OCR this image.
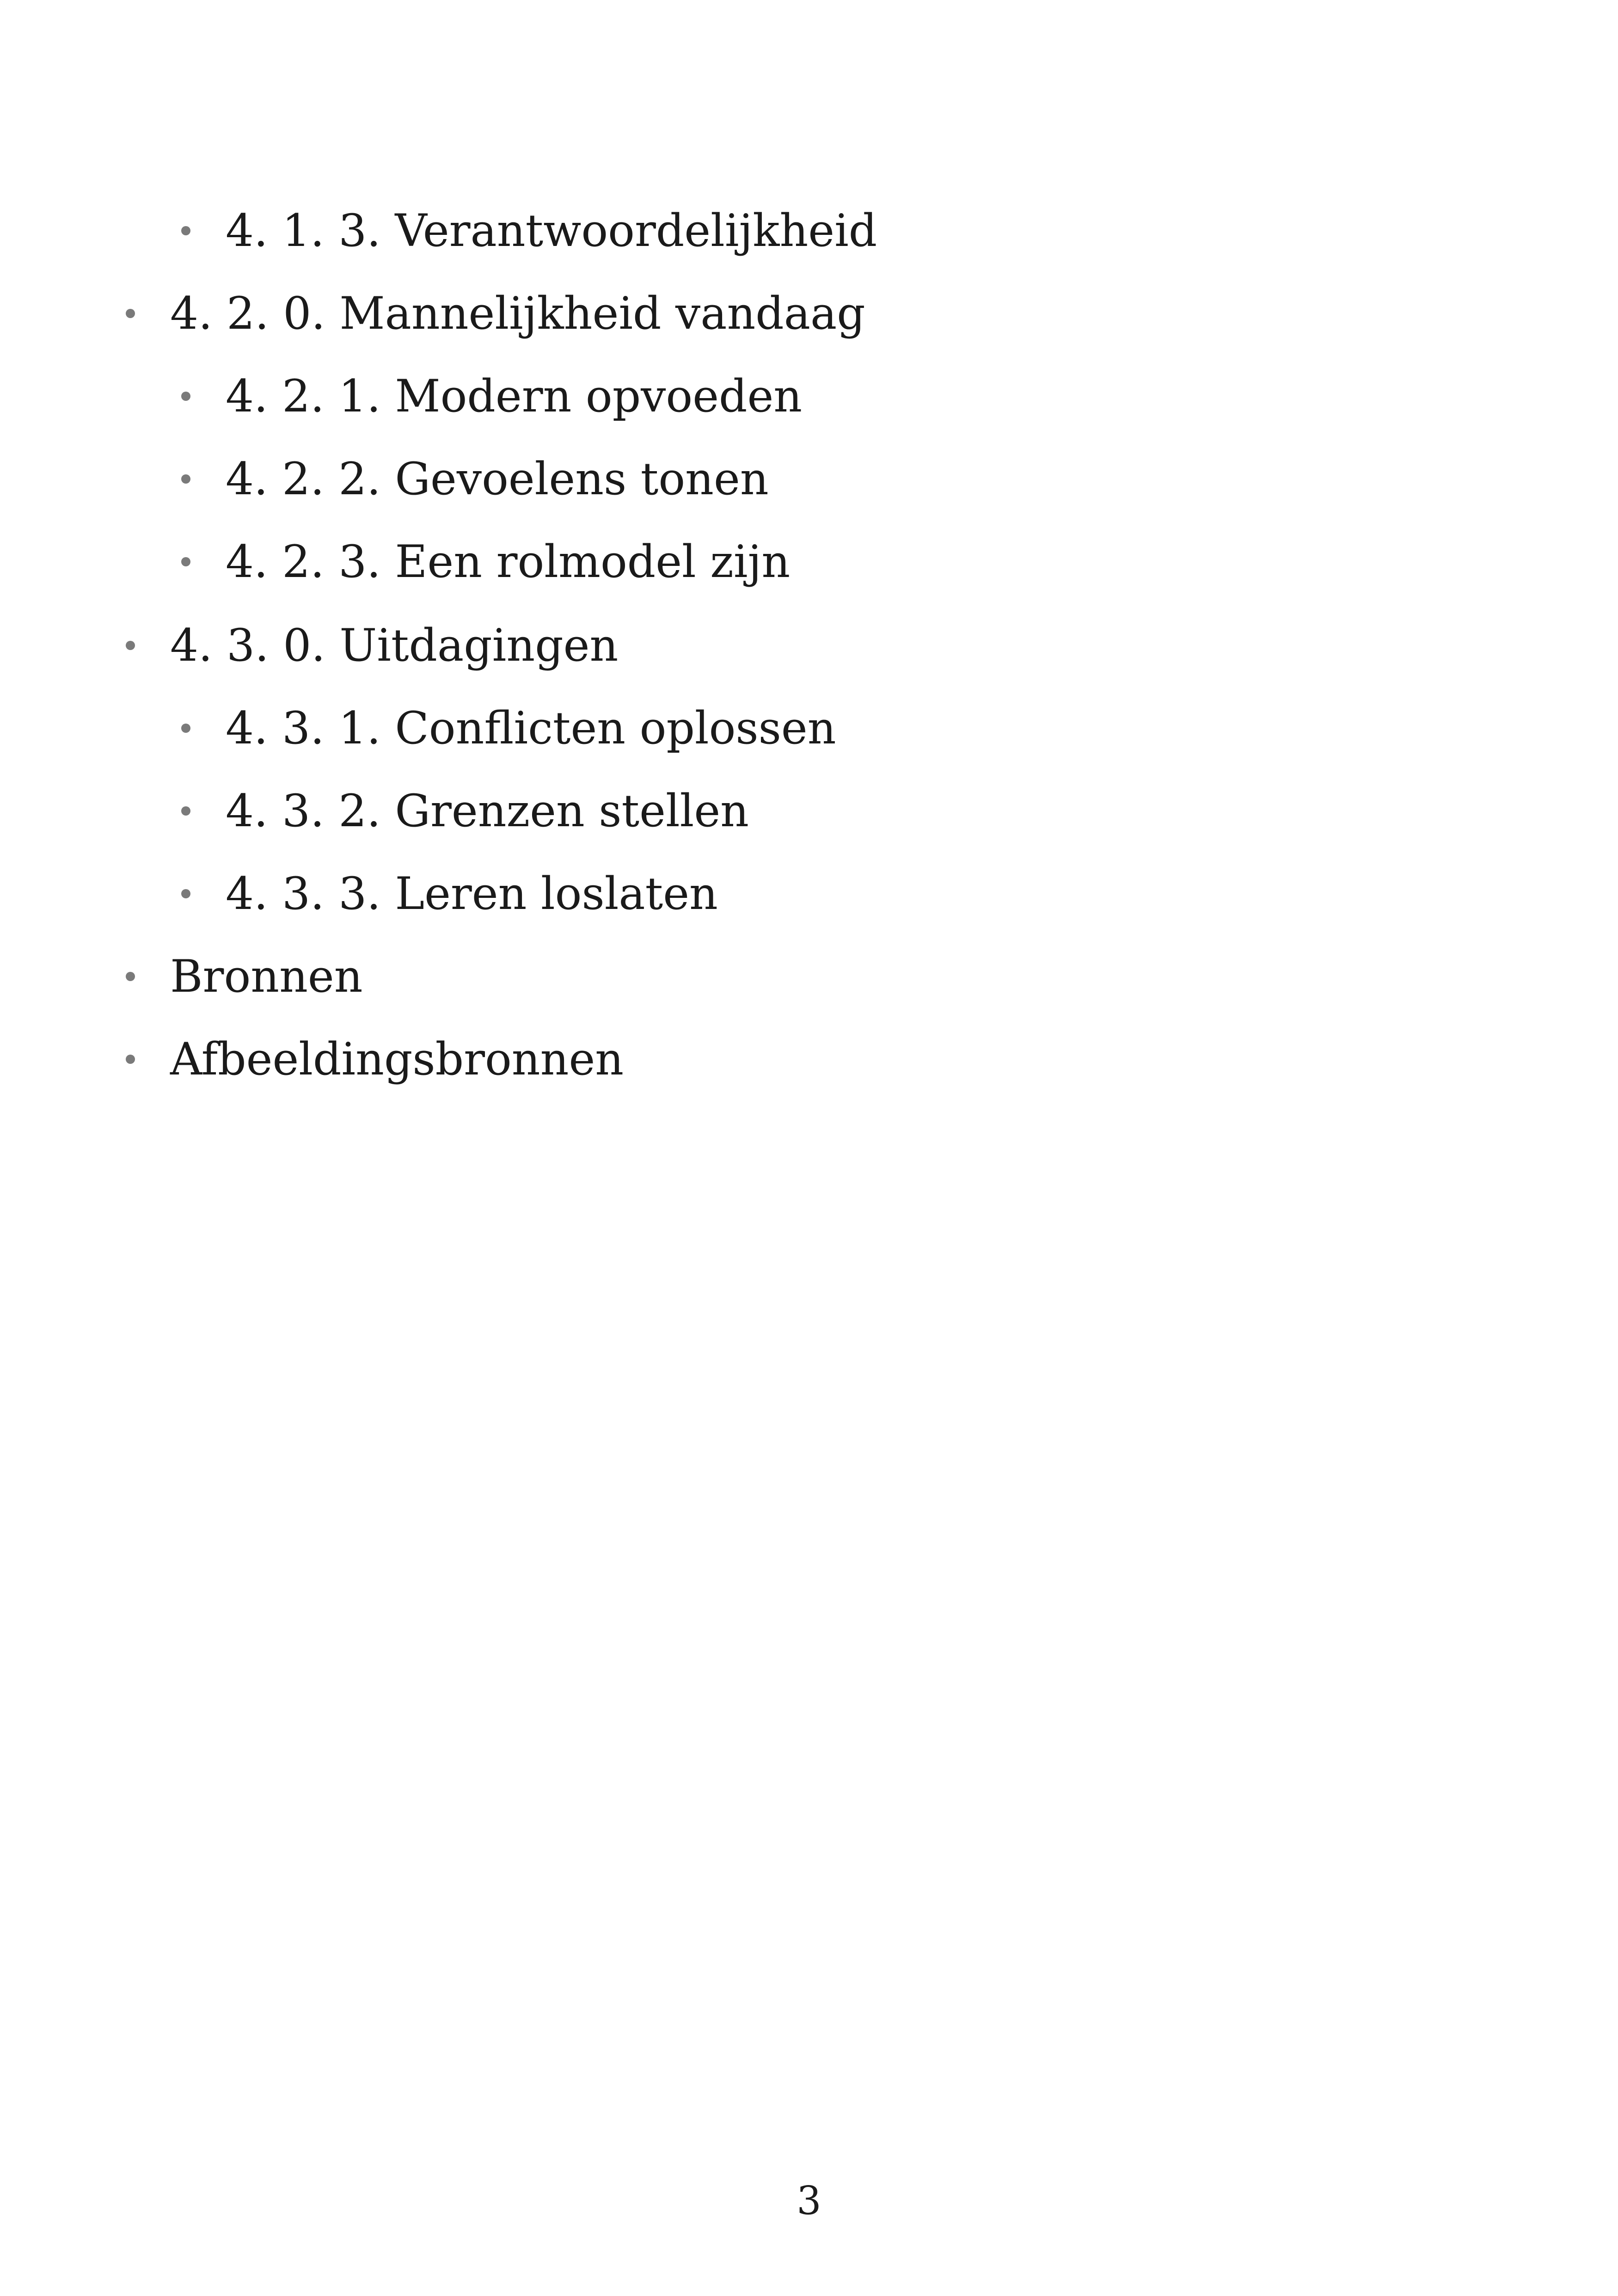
4. 1. 3. Verantwoordelijkheid
4. 2. 0. Mannelijkheid vandaag
4. 2. 1. Modern opvoeden
4. 2. 2. Gevoelens tonen
4. 2. 3. Een rolmodel zijn
4. 3. 0. Uitdagingen
4. 3. 1. Conflicten oplossen
4. 3. 2. Grenzen stellen
4. 3. 3. Leren loslaten
Bronnen
Afbeeldingsbronnen
3
